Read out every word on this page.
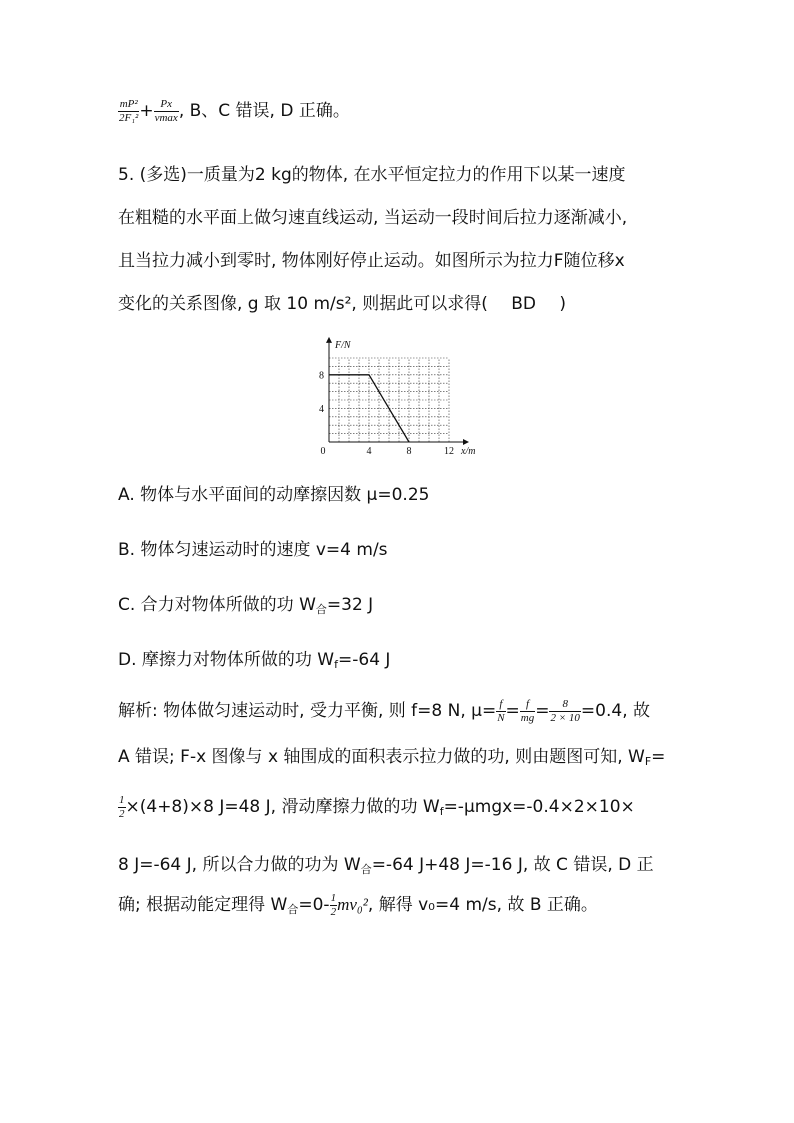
$\frac{\text{mP²}}{\text{2F₁²}} + \frac{Px}{vmax}$ , B、C 错误, D 正确。
5. (多选)一质量为2 kg的物体, 在水平恒定拉力的作用下以某一速度
在粗糙的水平面上做匀速直线运动, 当运动一段时间后拉力逐渐减小,
且当拉力减小到零时, 物体刚好停止运动。如图所示为拉力F随位移x
变化的关系图像, g 取 10 m/s², 则据此可以求得( BD )
0	4	8	12
4
8
F/N
x/m
A. 物体与水平面间的动摩擦因数 μ=0.25
B. 物体匀速运动时的速度 v=4 m/s
C. 合力对物体所做的功 $W_合=32$ J
D. 摩擦力对物体所做的功 $W_f=-64$ J
解析: 物体做匀速运动时, 受力平衡, 则 f=8 N, $\mu= \frac{f}{N} = \frac{f}{mg} = \frac{8}{2 \times 10} =0.4$, 故
A 错误; F-x 图像与 x 轴围成的面积表示拉力做的功, 则由题图可知, $W_F=$
$\frac{1}{2} \times(4+8)\times 8$ J=48 J, 滑动摩擦力做的功 $W_f=-\mu mgx=-0.4\times 2\times 10\times$
8 J=-64 J, 所以合力做的功为 $W_合=-64$ J+48 J=-16 J, 故 C 错误, D 正
确; 根据动能定理得 $W_合=0- \frac{1}{2} mv_0^2$, 解得 v₀=4 m/s, 故 B 正确。
